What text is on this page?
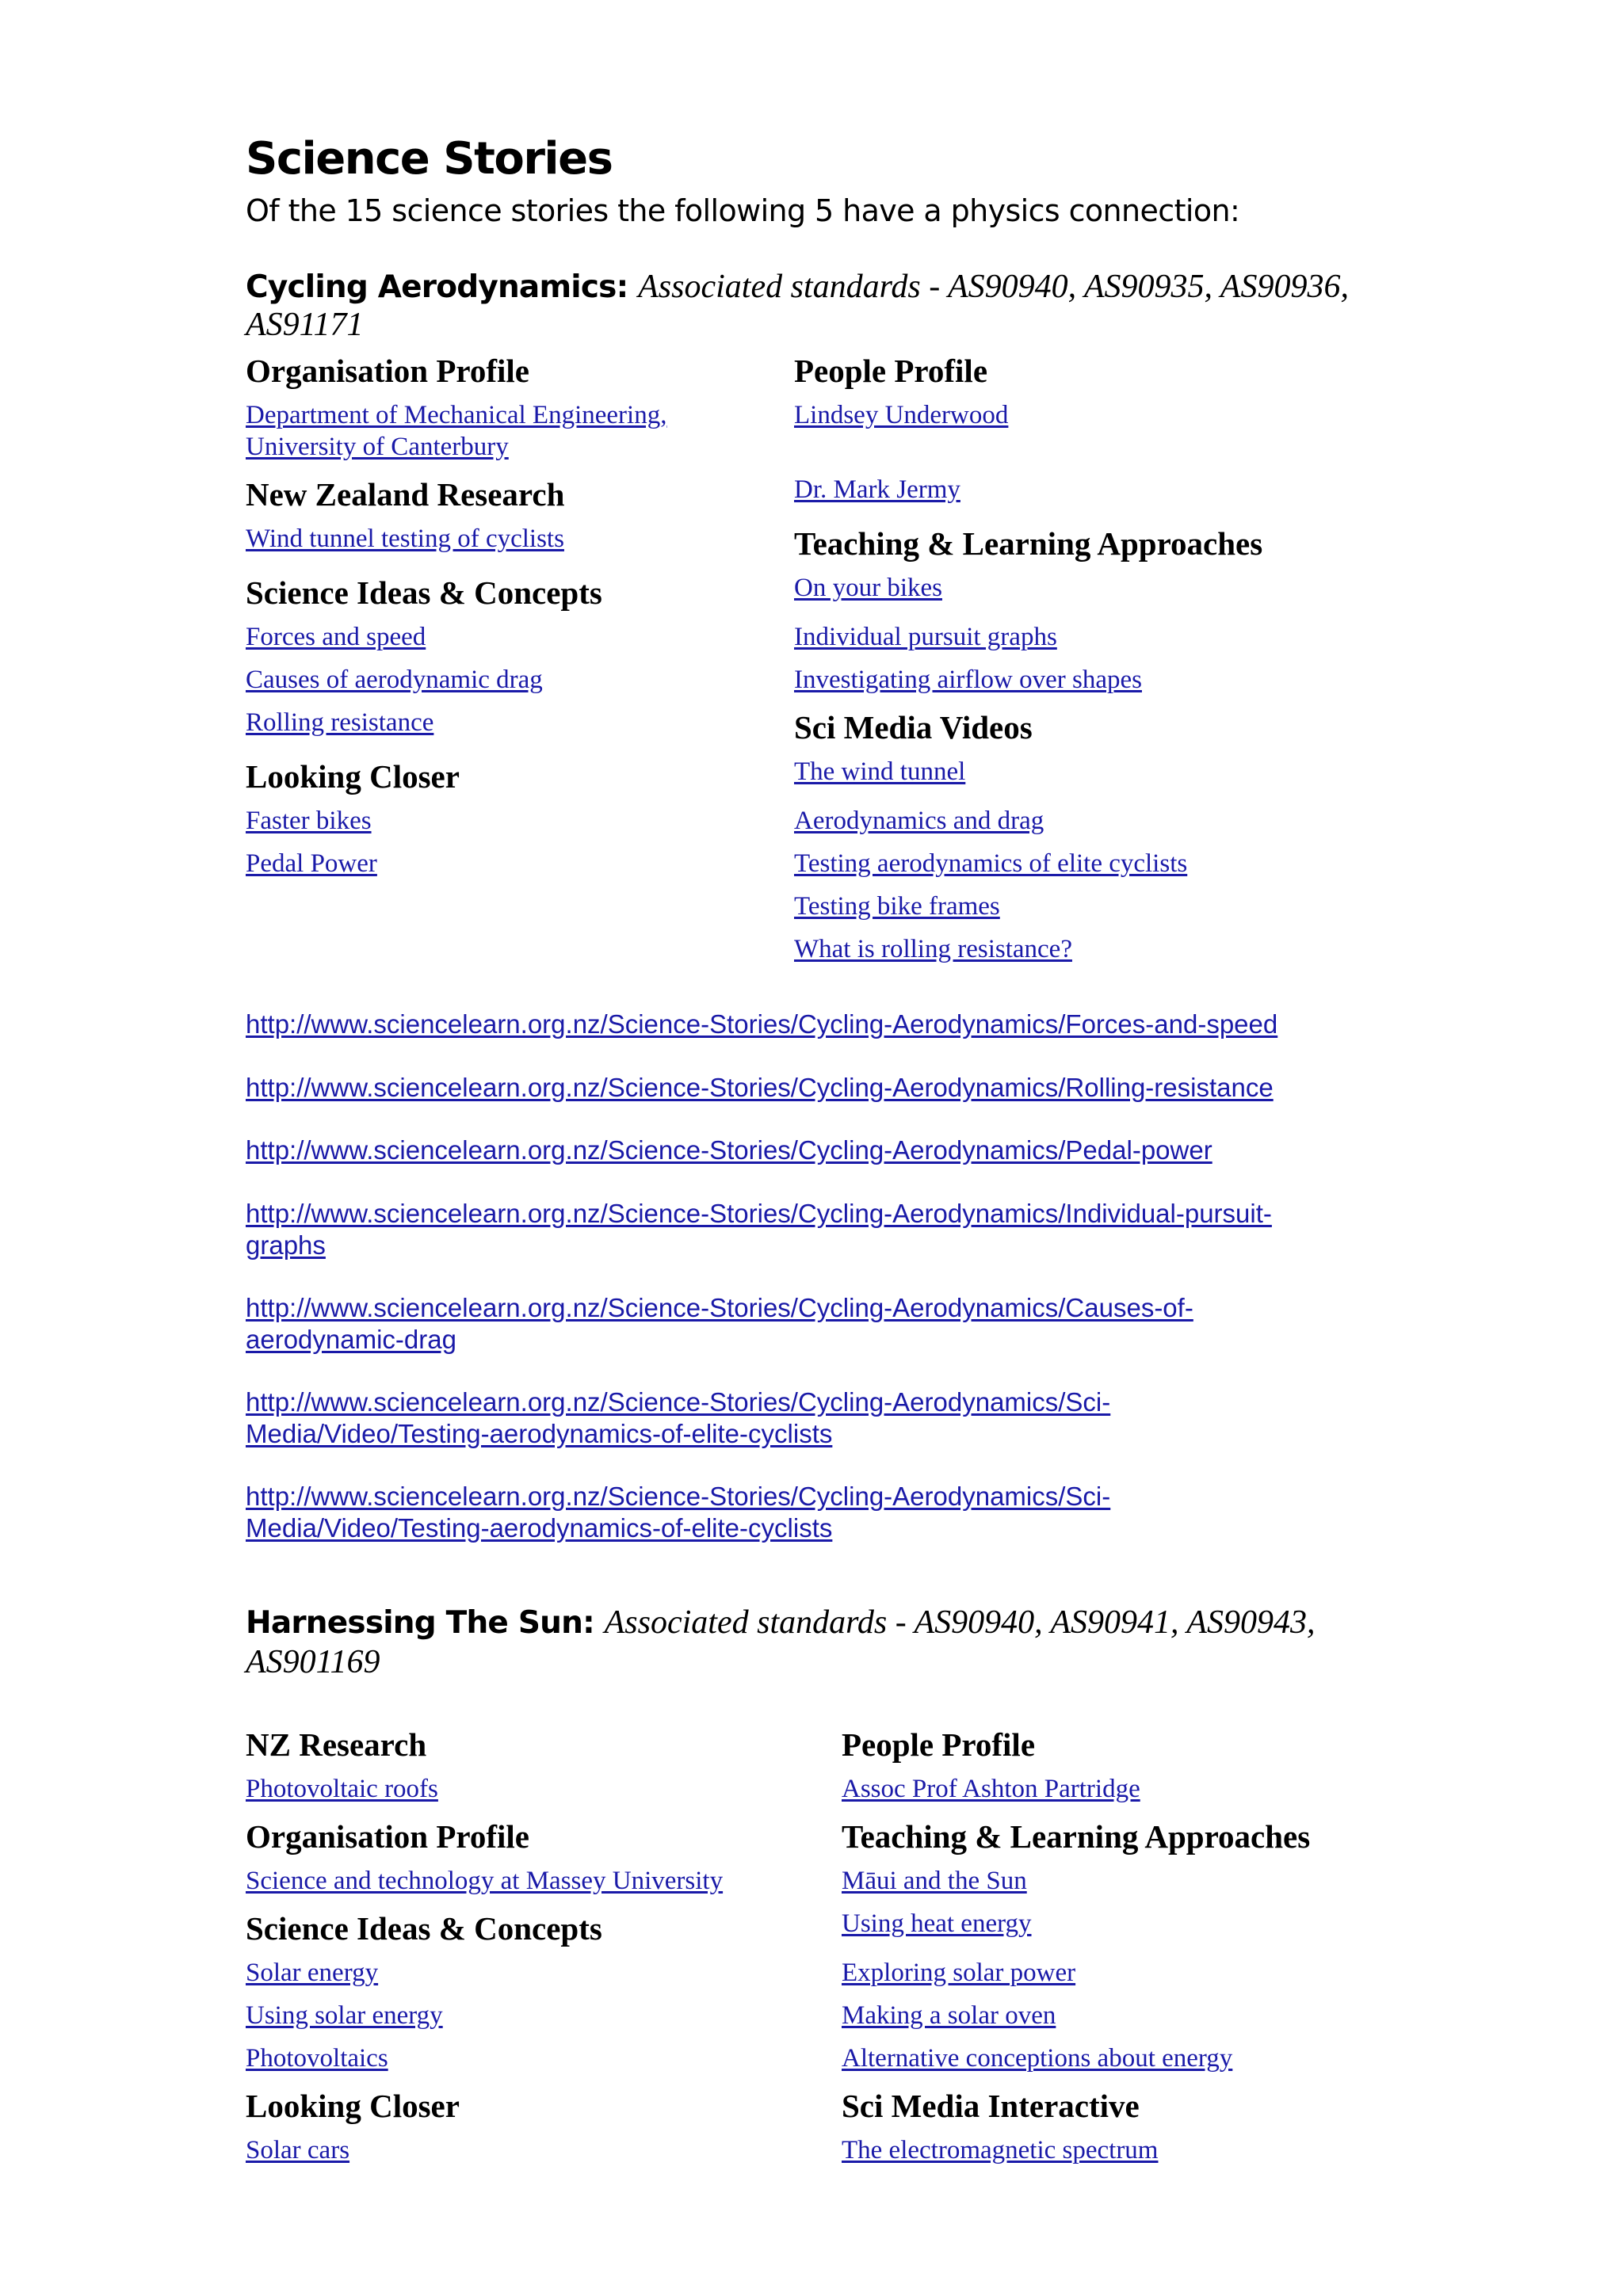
Science Stories
Of the 15 science stories the following 5 have a physics connection:
Cycling Aerodynamics: Associated standards - AS90940, AS90935, AS90936,
AS91171
Organisation Profile
Department of Mechanical Engineering,
University of Canterbury
New Zealand Research
Wind tunnel testing of cyclists
Science Ideas & Concepts
Forces and speed
Causes of aerodynamic drag
Rolling resistance
Looking Closer
Faster bikes
Pedal Power
People Profile
Lindsey Underwood
Dr. Mark Jermy
Teaching & Learning Approaches
On your bikes
Individual pursuit graphs
Investigating airflow over shapes
Sci Media Videos
The wind tunnel
Aerodynamics and drag
Testing aerodynamics of elite cyclists
Testing bike frames
What is rolling resistance?
http://www.sciencelearn.org.nz/Science-Stories/Cycling-Aerodynamics/Forces-and-speed
http://www.sciencelearn.org.nz/Science-Stories/Cycling-Aerodynamics/Rolling-resistance
http://www.sciencelearn.org.nz/Science-Stories/Cycling-Aerodynamics/Pedal-power
http://www.sciencelearn.org.nz/Science-Stories/Cycling-Aerodynamics/Individual-pursuit-
graphs
http://www.sciencelearn.org.nz/Science-Stories/Cycling-Aerodynamics/Causes-of-
aerodynamic-drag
http://www.sciencelearn.org.nz/Science-Stories/Cycling-Aerodynamics/Sci-
Media/Video/Testing-aerodynamics-of-elite-cyclists
http://www.sciencelearn.org.nz/Science-Stories/Cycling-Aerodynamics/Sci-
Media/Video/Testing-aerodynamics-of-elite-cyclists
Harnessing The Sun: Associated standards - AS90940, AS90941, AS90943,
AS901169
NZ Research
Photovoltaic roofs
Organisation Profile
Science and technology at Massey University
Science Ideas & Concepts
Solar energy
Using solar energy
Photovoltaics
Looking Closer
Solar cars
People Profile
Assoc Prof Ashton Partridge
Teaching & Learning Approaches
Māui and the Sun
Using heat energy
Exploring solar power
Making a solar oven
Alternative conceptions about energy
Sci Media Interactive
The electromagnetic spectrum
